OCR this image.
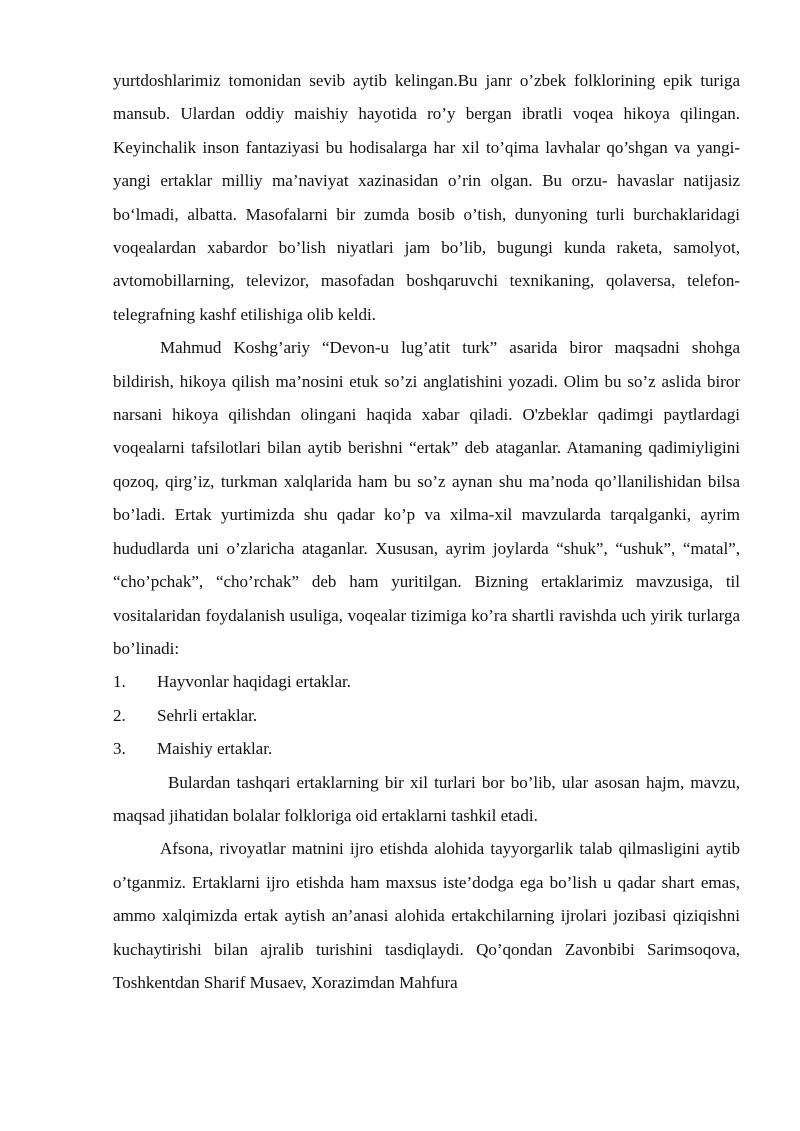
yurtdoshlarimiz tomonidan sevib aytib kelingan.Bu janr o’zbek folklorining epik turiga mansub. Ulardan oddiy maishiy hayotida ro’y bergan ibratli voqea hikoya qilingan. Keyinchalik inson fantaziyasi bu hodisalarga har xil to’qima lavhalar qo’shgan va yangi- yangi ertaklar milliy ma’naviyat xazinasidan o’rin olgan. Bu orzu- havaslar natijasiz bo‘lmadi, albatta. Masofalarni bir zumda bosib o’tish, dunyoning turli burchaklaridagi voqealardan xabardor bo’lish niyatlari jam bo’lib, bugungi kunda raketa, samolyot, avtomobillarning, televizor, masofadan boshqaruvchi texnikaning, qolaversa, telefon-telegrafning kashf etilishiga olib keldi.

Mahmud Koshg’ariy “Devon-u lug’atit turk” asarida biror maqsadni shohga bildirish, hikoya qilish ma’nosini etuk so’zi anglatishini yozadi. Olim bu so’z aslida biror narsani hikoya qilishdan olingani haqida xabar qiladi. O'zbeklar qadimgi paytlardagi voqealarni tafsilotlari bilan aytib berishni “ertak” deb ataganlar. Atamaning qadimiyligini qozoq, qirg’iz, turkman xalqlarida ham bu so’z aynan shu ma’noda qo’llanilishidan bilsa bo’ladi. Ertak yurtimizda shu qadar ko’p va xilma-xil mavzularda tarqalganki, ayrim hududlarda uni o’zlaricha ataganlar. Xususan, ayrim joylarda “shuk”, “ushuk”, “matal”, “cho’pchak”, “cho’rchak” deb ham yuritilgan. Bizning ertaklarimiz mavzusiga, til vositalaridan foydalanish usuliga, voqealar tizimiga ko’ra shartli ravishda uch yirik turlarga bo’linadi:

1.	Hayvonlar haqidagi ertaklar.
2.	Sehrli ertaklar.
3.	Maishiy ertaklar.

Bulardan tashqari ertaklarning bir xil turlari bor bo’lib, ular asosan hajm, mavzu, maqsad jihatidan bolalar folkloriga oid ertaklarni tashkil etadi.

Afsona, rivoyatlar matnini ijro etishda alohida tayyorgarlik talab qilmasligini aytib o’tganmiz. Ertaklarni ijro etishda ham maxsus iste’dodga ega bo’lish u qadar shart emas, ammo xalqimizda ertak aytish an’anasi alohida ertakchilarning ijrolari jozibasi qiziqishni kuchaytirishi bilan ajralib turishini tasdiqlaydi. Qo’qondan Zavonbibi Sarimsoqova, Toshkentdan Sharif Musaev, Xorazimdan Mahfura
